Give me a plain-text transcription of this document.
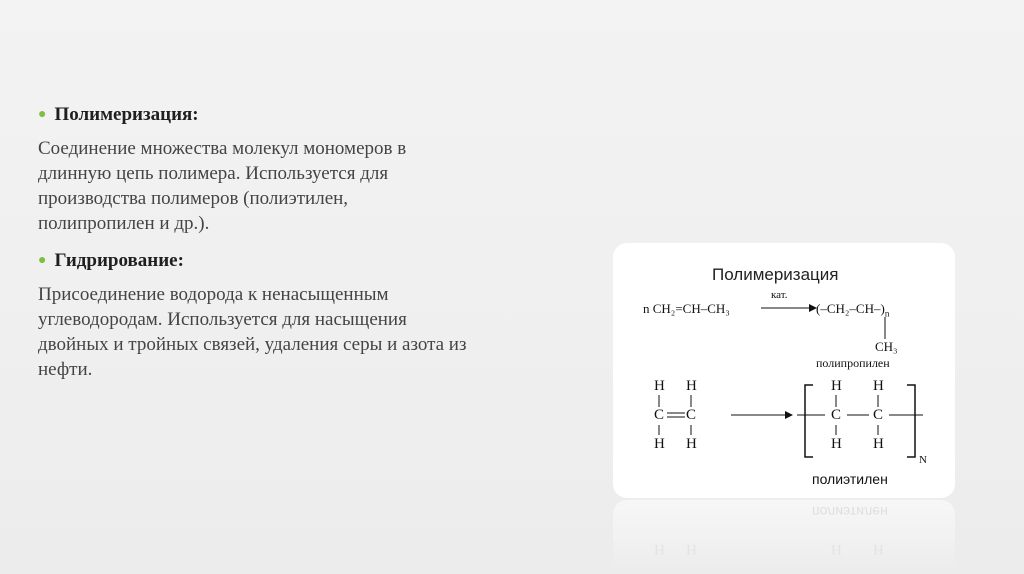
● Полимеризация:

Соединение множества молекул мономеров в длинную цепь полимера. Используется для производства полимеров (полиэтилен, полипропилен и др.).

● Гидрирование:

Присоединение водорода к ненасыщенным углеводородам. Используется для насыщения двойных и тройных связей, удаления серы и азота из нефти.

Полимеризация
n CH₂=CH–CH₃
кат.
→ $(-CH_2-CH-)_n$
CH₃
полипропилен
H H
C C
H H
H H
C C
H H
N
полиэтилен
полиэтилен
H H	H H
